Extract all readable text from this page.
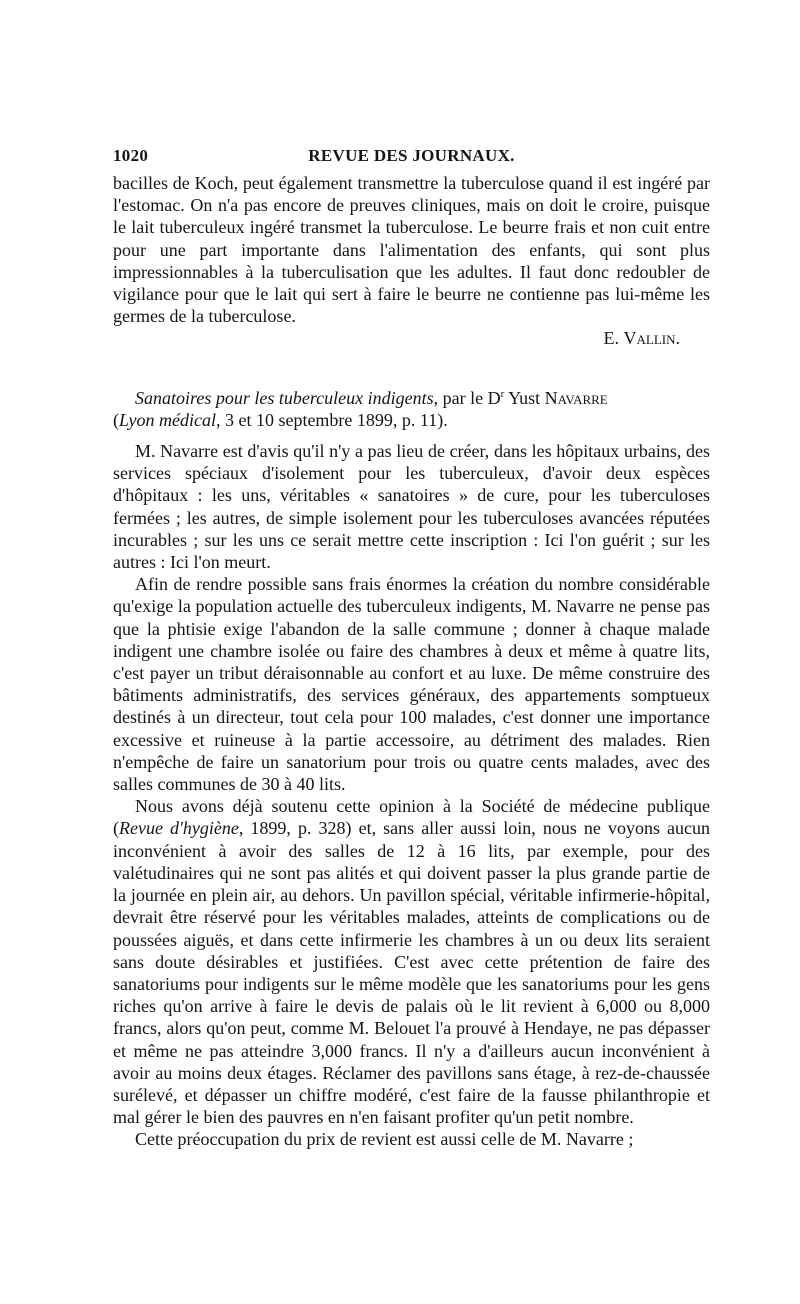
1020	REVUE DES JOURNAUX.

bacilles de Koch, peut également transmettre la tuberculose quand il est ingéré par l'estomac. On n'a pas encore de preuves cliniques, mais on doit le croire, puisque le lait tuberculeux ingéré transmet la tuberculose. Le beurre frais et non cuit entre pour une part importante dans l'alimentation des enfants, qui sont plus impressionnables à la tuberculisation que les adultes. Il faut donc redoubler de vigilance pour que le lait qui sert à faire le beurre ne contienne pas lui-même les germes de la tuberculose.

E. Vallin.

Sanatoires pour les tuberculeux indigents, par le $D^r$ Yust Navarre
(Lyon médical, 3 et 10 septembre 1899, p. 11).

M. Navarre est d'avis qu'il n'y a pas lieu de créer, dans les hôpitaux urbains, des services spéciaux d'isolement pour les tuberculeux, d'avoir deux espèces d'hôpitaux : les uns, véritables « sanatoires » de cure, pour les tuberculoses fermées ; les autres, de simple isolement pour les tuberculoses avancées réputées incurables ; sur les uns ce serait mettre cette inscription : Ici l'on guérit ; sur les autres : Ici l'on meurt.

Afin de rendre possible sans frais énormes la création du nombre considérable qu'exige la population actuelle des tuberculeux indigents, M. Navarre ne pense pas que la phtisie exige l'abandon de la salle commune ; donner à chaque malade indigent une chambre isolée ou faire des chambres à deux et même à quatre lits, c'est payer un tribut déraisonnable au confort et au luxe. De même construire des bâtiments administratifs, des services généraux, des appartements somptueux destinés à un directeur, tout cela pour 100 malades, c'est donner une importance excessive et ruineuse à la partie accessoire, au détriment des malades. Rien n'empêche de faire un sanatorium pour trois ou quatre cents malades, avec des salles communes de 30 à 40 lits.

Nous avons déjà soutenu cette opinion à la Société de médecine publique (Revue d'hygiène, 1899, p. 328) et, sans aller aussi loin, nous ne voyons aucun inconvénient à avoir des salles de 12 à 16 lits, par exemple, pour des valétudinaires qui ne sont pas alités et qui doivent passer la plus grande partie de la journée en plein air, au dehors. Un pavillon spécial, véritable infirmerie-hôpital, devrait être réservé pour les véritables malades, atteints de complications ou de poussées aiguës, et dans cette infirmerie les chambres à un ou deux lits seraient sans doute désirables et justifiées. C'est avec cette prétention de faire des sanatoriums pour indigents sur le même modèle que les sanatoriums pour les gens riches qu'on arrive à faire le devis de palais où le lit revient à 6,000 ou 8,000 francs, alors qu'on peut, comme M. Belouet l'a prouvé à Hendaye, ne pas dépasser et même ne pas atteindre 3,000 francs. Il n'y a d'ailleurs aucun inconvénient à avoir au moins deux étages. Réclamer des pavillons sans étage, à rez-de-chaussée surélevé, et dépasser un chiffre modéré, c'est faire de la fausse philanthropie et mal gérer le bien des pauvres en n'en faisant profiter qu'un petit nombre.

Cette préoccupation du prix de revient est aussi celle de M. Navarre ;
